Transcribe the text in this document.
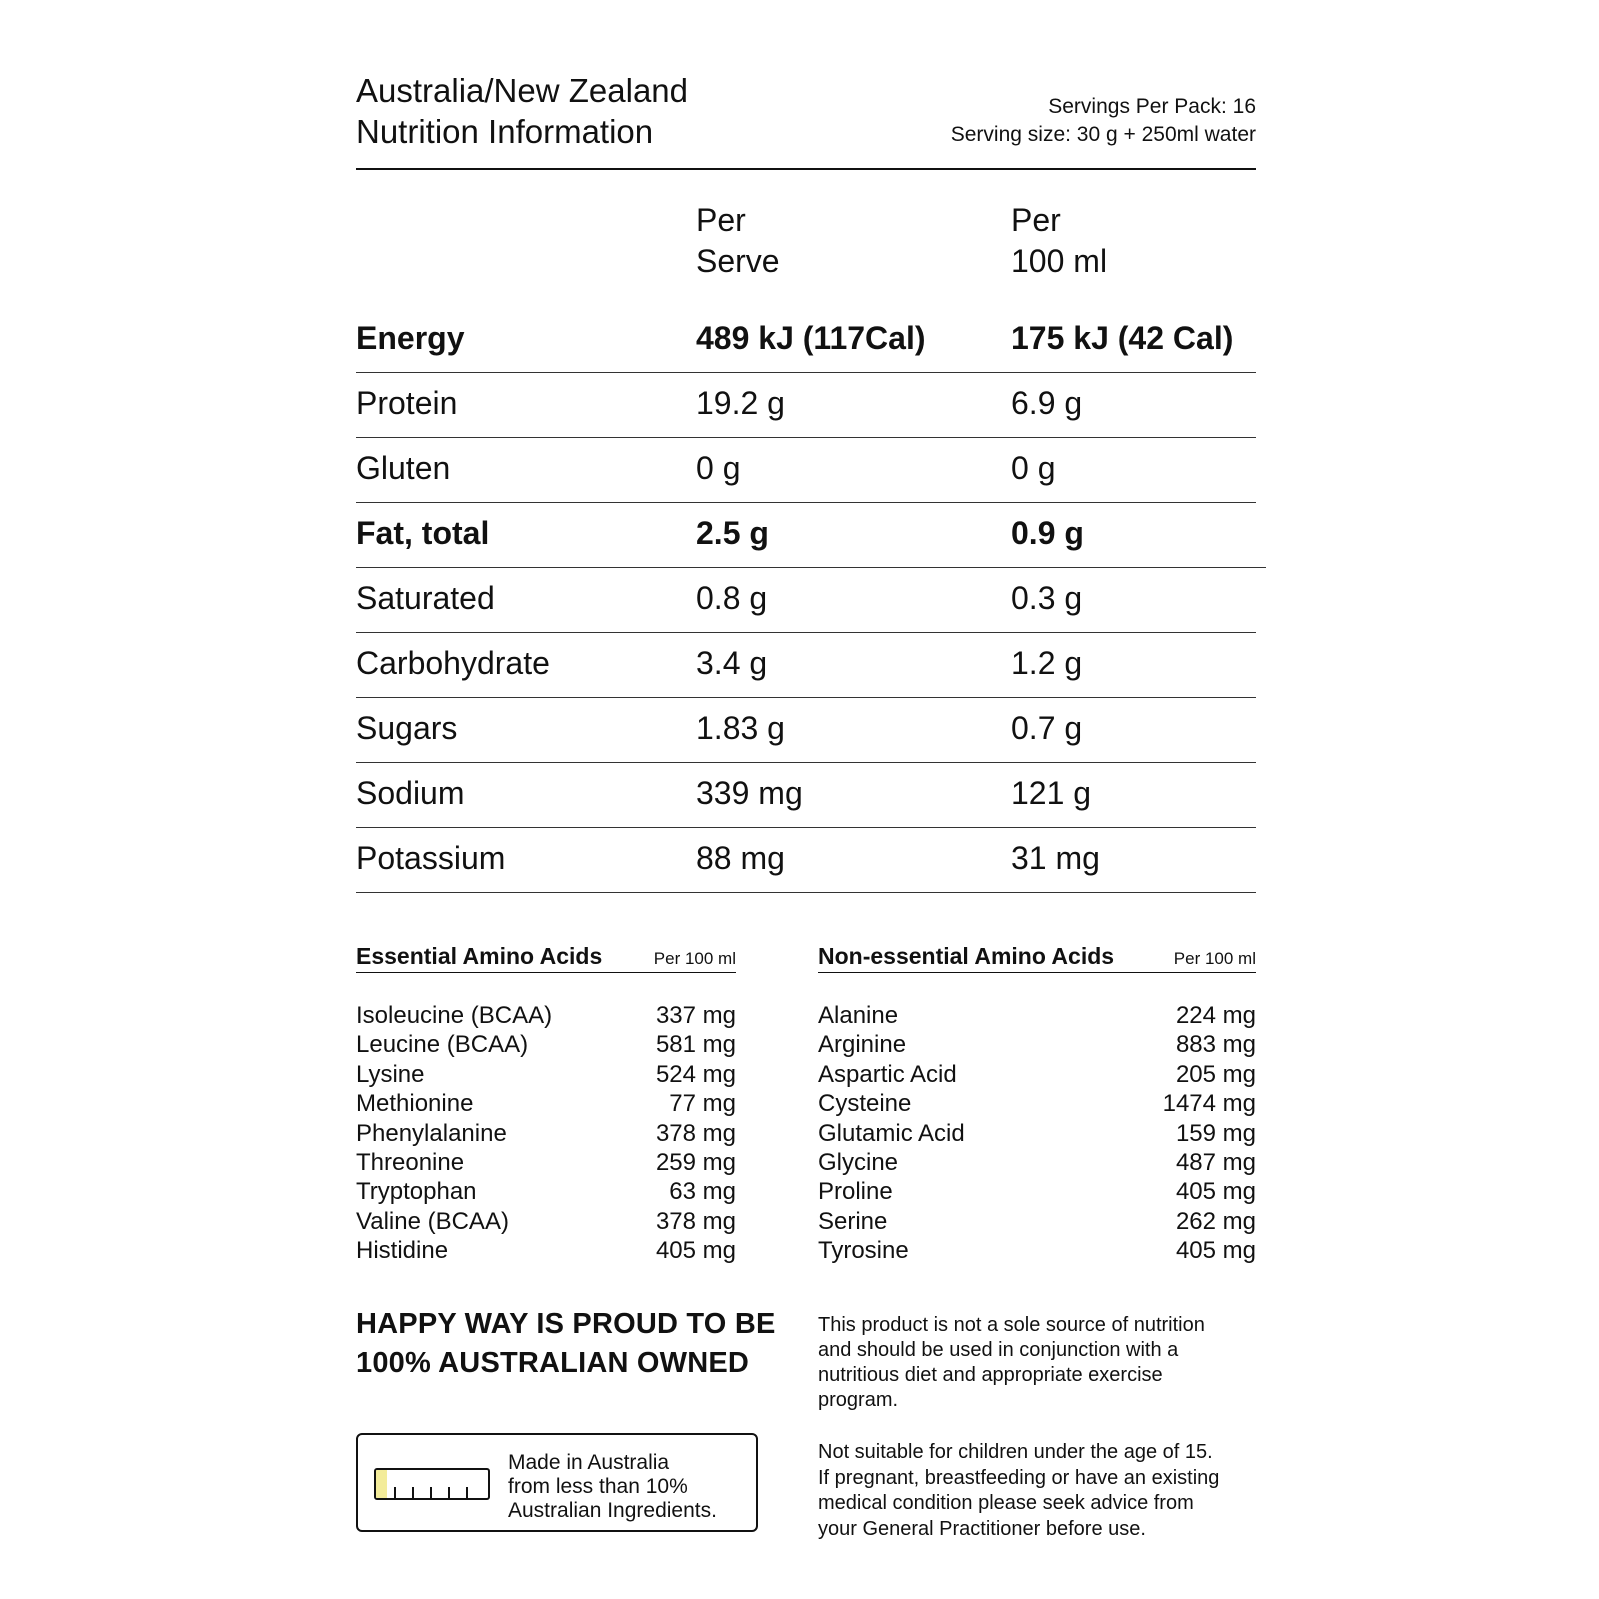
Australia/New Zealand
Nutrition Information
Servings Per Pack: 16
Serving size: 30 g + 250ml water
Per
Serve
Per
100 ml
Energy	489 kJ (117Cal)	175 kJ (42 Cal)
Protein	19.2 g	6.9 g
Gluten	0 g	0 g
Fat, total	2.5 g	0.9 g
Saturated	0.8 g	0.3 g
Carbohydrate	3.4 g	1.2 g
Sugars	1.83 g	0.7 g
Sodium	339 mg	121 g
Potassium	88 mg	31 mg
Essential Amino Acids	Per 100 ml
Isoleucine (BCAA)	337 mg
Leucine (BCAA)	581 mg
Lysine	524 mg
Methionine	77 mg
Phenylalanine	378 mg
Threonine	259 mg
Tryptophan	63 mg
Valine (BCAA)	378 mg
Histidine	405 mg
Non-essential Amino Acids	Per 100 ml
Alanine	224 mg
Arginine	883 mg
Aspartic Acid	205 mg
Cysteine	1474 mg
Glutamic Acid	159 mg
Glycine	487 mg
Proline	405 mg
Serine	262 mg
Tyrosine	405 mg
HAPPY WAY IS PROUD TO BE
100% AUSTRALIAN OWNED
Made in Australia
from less than 10%
Australian Ingredients.
This product is not a sole source of nutrition
and should be used in conjunction with a
nutritious diet and appropriate exercise
program.
Not suitable for children under the age of 15.
If pregnant, breastfeeding or have an existing
medical condition please seek advice from
your General Practitioner before use.
